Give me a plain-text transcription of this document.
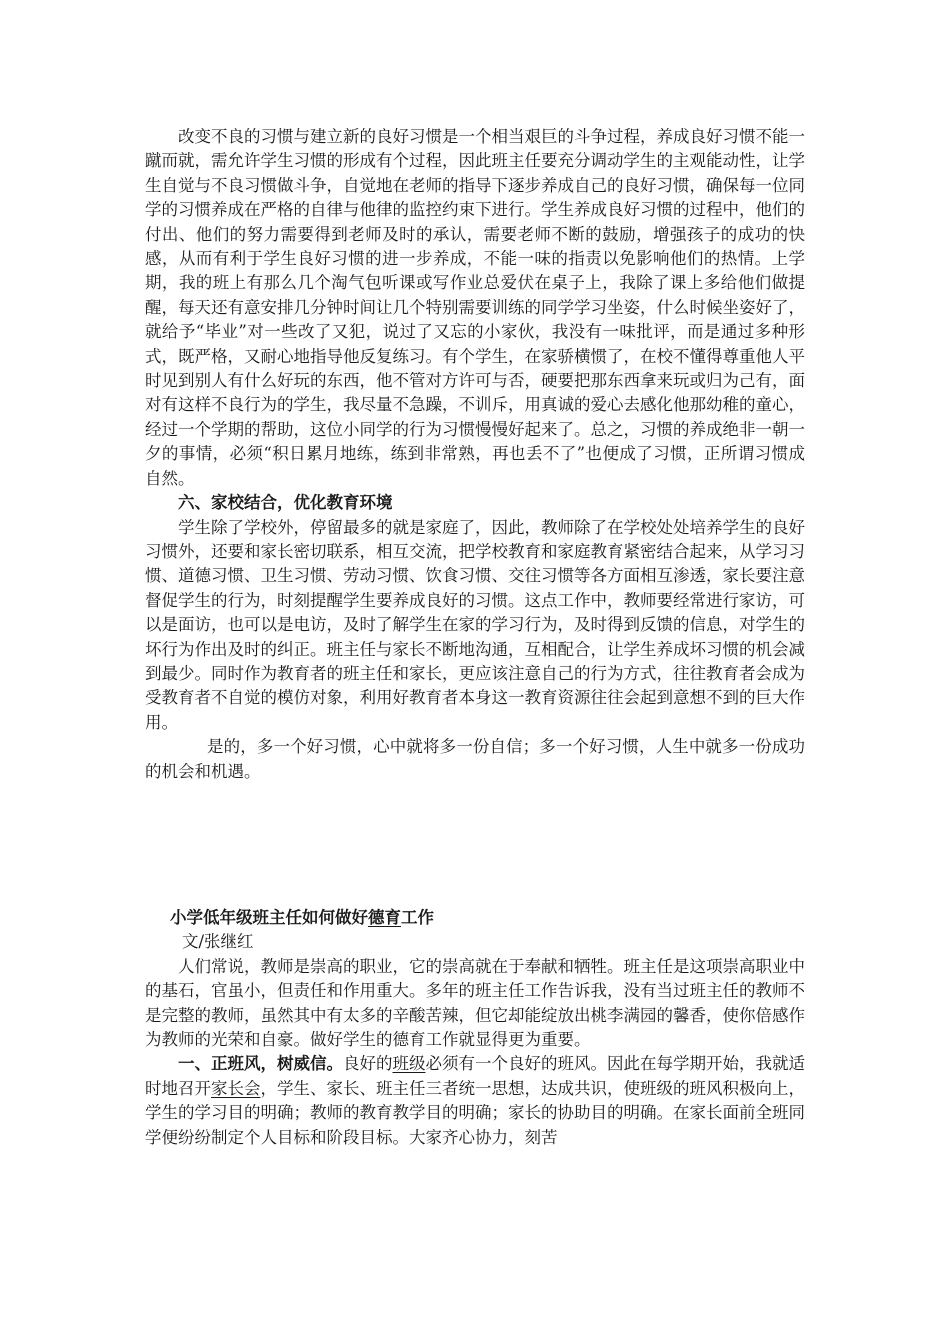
改变不良的习惯与建立新的良好习惯是一个相当艰巨的斗争过程，养成良好习惯不能一蹴而就，需允许学生习惯的形成有个过程，因此班主任要充分调动学生的主观能动性，让学生自觉与不良习惯做斗争，自觉地在老师的指导下逐步养成自己的良好习惯，确保每一位同学的习惯养成在严格的自律与他律的监控约束下进行。学生养成良好习惯的过程中，他们的付出、他们的努力需要得到老师及时的承认，需要老师不断的鼓励，增强孩子的成功的快感，从而有利于学生良好习惯的进一步养成，不能一味的指责以免影响他们的热情。上学期，我的班上有那么几个淘气包听课或写作业总爱伏在桌子上，我除了课上多给他们做提醒，每天还有意安排几分钟时间让几个特别需要训练的同学学习坐姿，什么时候坐姿好了，就给予“毕业”对一些改了又犯，说过了又忘的小家伙，我没有一味批评，而是通过多种形式，既严格，又耐心地指导他反复练习。有个学生，在家骄横惯了，在校不懂得尊重他人平时见到别人有什么好玩的东西，他不管对方许可与否，硬要把那东西拿来玩或归为己有，面对有这样不良行为的学生，我尽量不急躁，不训斥，用真诚的爱心去感化他那幼稚的童心，经过一个学期的帮助，这位小同学的行为习惯慢慢好起来了。总之，习惯的养成绝非一朝一夕的事情，必须“积日累月地练，练到非常熟，再也丢不了”也便成了习惯，正所谓习惯成自然。

六、家校结合，优化教育环境

学生除了学校外，停留最多的就是家庭了，因此，教师除了在学校处处培养学生的良好习惯外，还要和家长密切联系，相互交流，把学校教育和家庭教育紧密结合起来，从学习习惯、道德习惯、卫生习惯、劳动习惯、饮食习惯、交往习惯等各方面相互渗透，家长要注意督促学生的行为，时刻提醒学生要养成良好的习惯。这点工作中，教师要经常进行家访，可以是面访，也可以是电访，及时了解学生在家的学习行为，及时得到反馈的信息，对学生的坏行为作出及时的纠正。班主任与家长不断地沟通，互相配合，让学生养成坏习惯的机会减到最少。同时作为教育者的班主任和家长，更应该注意自己的行为方式，往往教育者会成为受教育者不自觉的模仿对象，利用好教育者本身这一教育资源往往会起到意想不到的巨大作用。

是的，多一个好习惯，心中就将多一份自信；多一个好习惯，人生中就多一份成功的机会和机遇。

小学低年级班主任如何做好德育工作

文/张继红

人们常说，教师是崇高的职业，它的崇高就在于奉献和牺牲。班主任是这项崇高职业中的基石，官虽小，但责任和作用重大。多年的班主任工作告诉我，没有当过班主任的教师不是完整的教师，虽然其中有太多的辛酸苦辣，但它却能绽放出桃李满园的馨香，使你倍感作为教师的光荣和自豪。做好学生的德育工作就显得更为重要。

一、正班风，树威信。良好的班级必须有一个良好的班风。因此在每学期开始，我就适时地召开家长会，学生、家长、班主任三者统一思想，达成共识，使班级的班风积极向上，学生的学习目的明确；教师的教育教学目的明确；家长的协助目的明确。在家长面前全班同学便纷纷制定个人目标和阶段目标。大家齐心协力，刻苦
